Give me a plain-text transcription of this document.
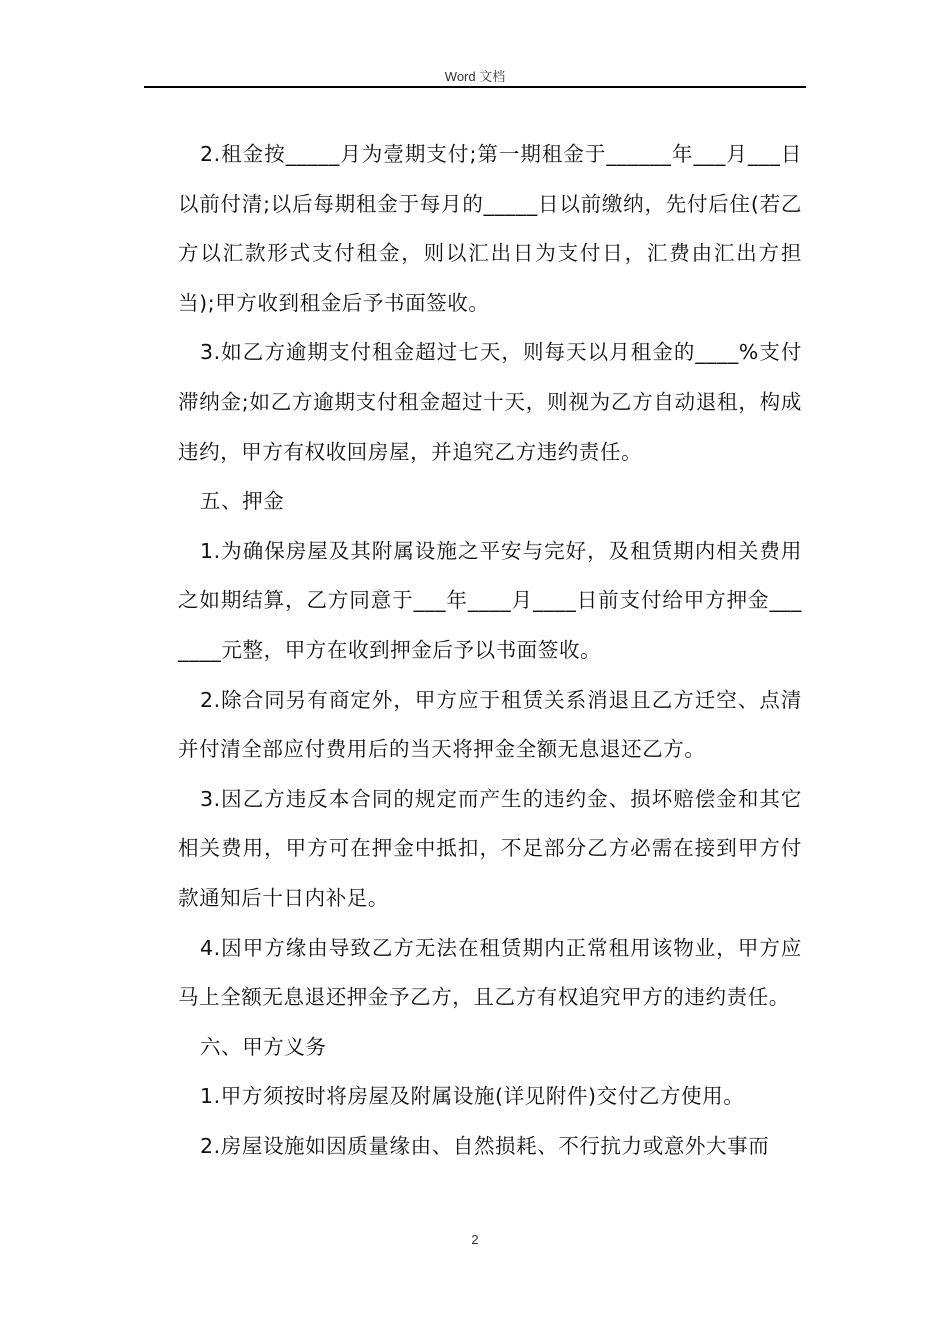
Word 文档

2.租金按_____月为壹期支付;第一期租金于______年___月___日以前付清;以后每期租金于每月的_____日以前缴纳，先付后住(若乙方以汇款形式支付租金，则以汇出日为支付日，汇费由汇出方担当);甲方收到租金后予书面签收。

3.如乙方逾期支付租金超过七天，则每天以月租金的____%支付滞纳金;如乙方逾期支付租金超过十天，则视为乙方自动退租，构成违约，甲方有权收回房屋，并追究乙方违约责任。

五、押金

1.为确保房屋及其附属设施之平安与完好，及租赁期内相关费用之如期结算，乙方同意于___年____月____日前支付给甲方押金_______元整，甲方在收到押金后予以书面签收。

2.除合同另有商定外，甲方应于租赁关系消退且乙方迁空、点清并付清全部应付费用后的当天将押金全额无息退还乙方。

3.因乙方违反本合同的规定而产生的违约金、损坏赔偿金和其它相关费用，甲方可在押金中抵扣，不足部分乙方必需在接到甲方付款通知后十日内补足。

4.因甲方缘由导致乙方无法在租赁期内正常租用该物业，甲方应马上全额无息退还押金予乙方，且乙方有权追究甲方的违约责任。

六、甲方义务

1.甲方须按时将房屋及附属设施(详见附件)交付乙方使用。

2.房屋设施如因质量缘由、自然损耗、不行抗力或意外大事而

2
